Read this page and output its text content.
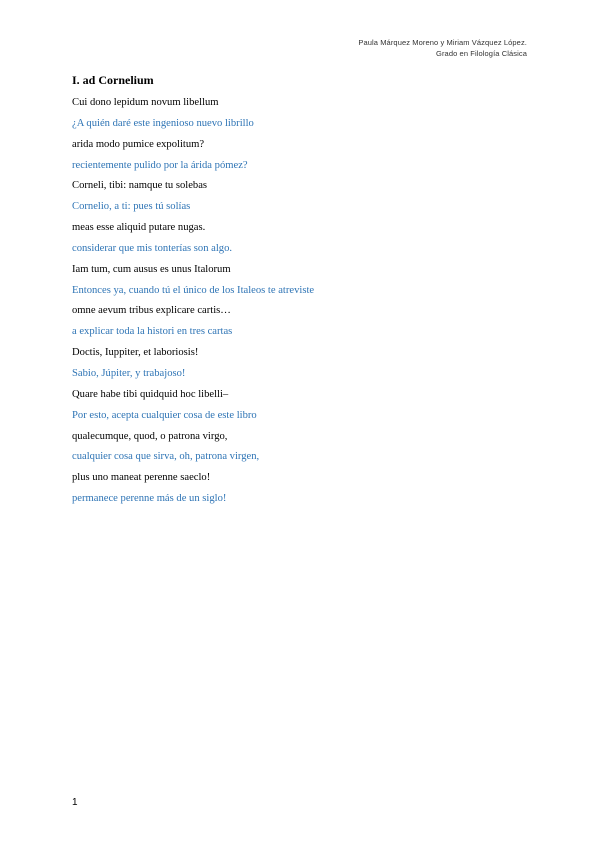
Paula Márquez Moreno y Miriam Vázquez López.
Grado en Filología Clásica
I. ad Cornelium
Cui dono lepidum novum libellum
¿A quién daré este ingenioso nuevo librillo
arida modo pumice expolitum?
recientemente pulido por la árida pómez?
Corneli, tibi: namque tu solebas
Cornelio, a ti: pues tú solías
meas esse aliquid putare nugas.
considerar que mis tonterías son algo.
Iam tum, cum ausus es unus Italorum
Entonces ya, cuando tú el único de los Italeos te atreviste
omne aevum tribus explicare cartis…
a explicar toda la histori en tres cartas
Doctis, Iuppiter, et laboriosis!
Sabio, Júpiter, y trabajoso!
Quare habe tibi quidquid hoc libelli–
Por esto, acepta cualquier cosa de este libro
qualecumque, quod, o patrona virgo,
cualquier cosa que sirva, oh, patrona virgen,
plus uno maneat perenne saeclo!
permanece perenne más de un siglo!
1
